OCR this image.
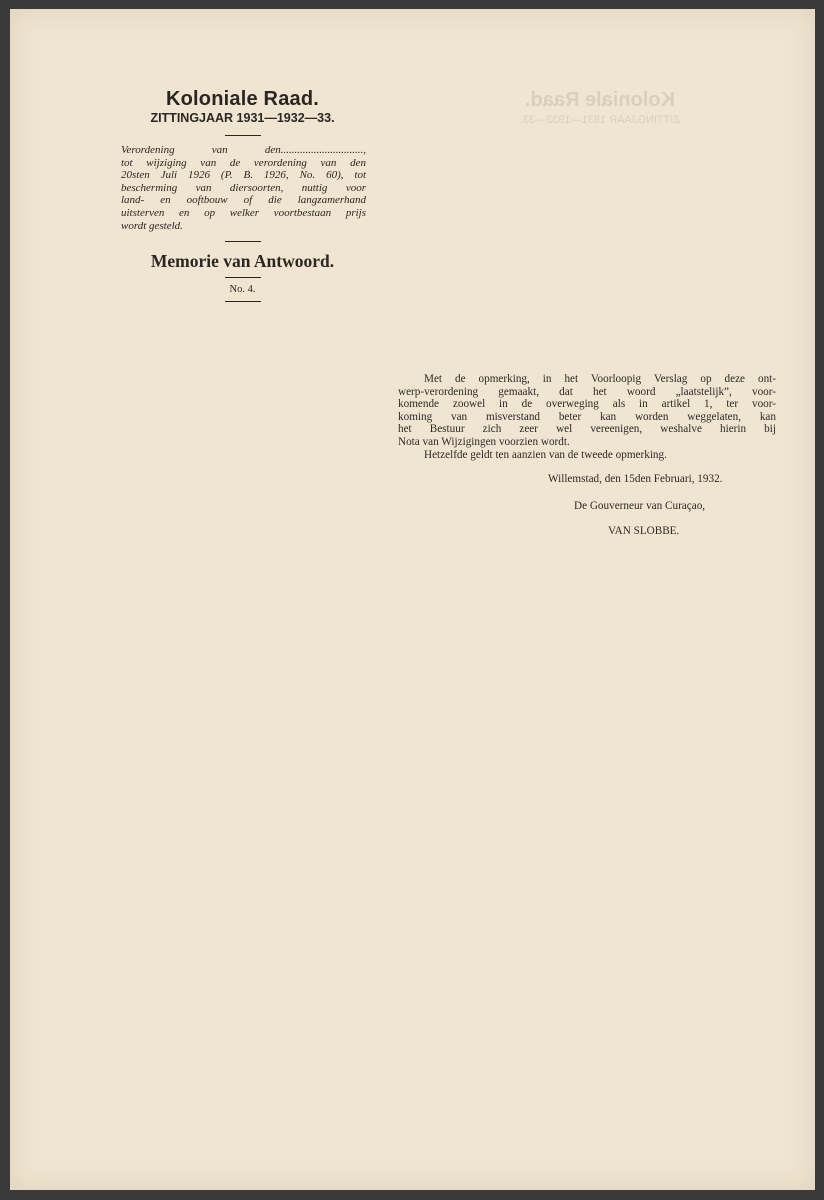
Koloniale Raad.
ZITTINGJAAR 1931—1932—33.
Koloniale Raad.

ZITTINGJAAR 1931—1932—33.

Verordening van den..............................,
tot wijziging van de verordening van den
20sten Juli 1926 (P. B. 1926, No. 60), tot
bescherming van diersoorten, nuttig voor
land- en ooftbouw of die langzamerhand
uitsterven en op welker voortbestaan prijs
wordt gesteld.
Memorie van Antwoord.

No. 4.

Met de opmerking, in het Voorloopig Verslag op deze ont-
werp-verordening gemaakt, dat het woord „laatstelijk”, voor-
komende zoowel in de overweging als in artikel 1, ter voor-
koming van misverstand beter kan worden weggelaten, kan
het Bestuur zich zeer wel vereenigen, weshalve hierin bij
Nota van Wijzigingen voorzien wordt.
Hetzelfde geldt ten aanzien van de tweede opmerking.
Willemstad, den 15den Februari, 1932.
De Gouverneur van Curaçao,
VAN SLOBBE.
